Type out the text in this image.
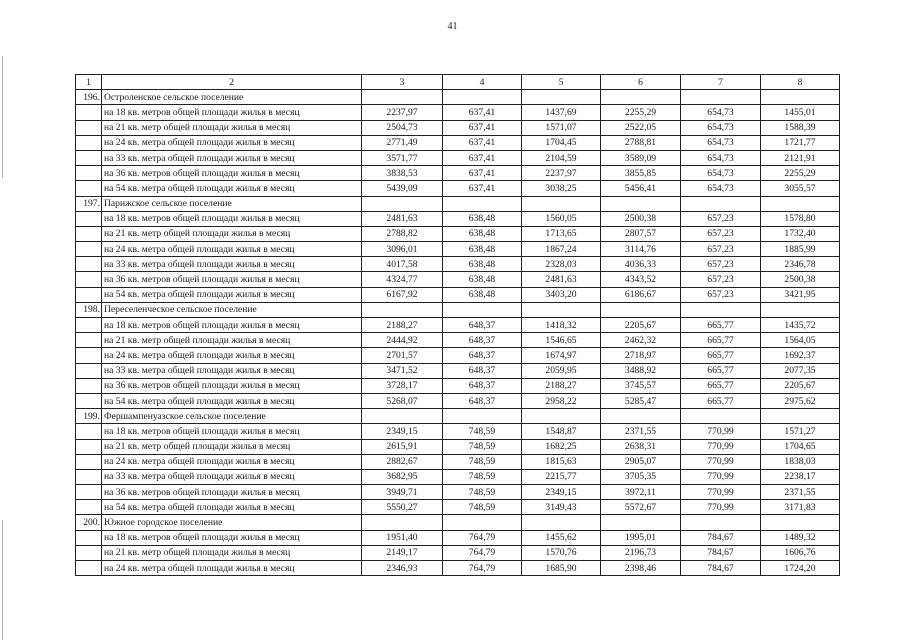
41
1	2	3	4	5	6	7	8
196.	Остроленское сельское поселение						
	на 18 кв. метров общей площади жилья в месяц	2237,97	637,41	1437,69	2255,29	654,73	1455,01
	на 21 кв. метр общей площади жилья в месяц	2504,73	637,41	1571,07	2522,05	654,73	1588,39
	на 24 кв. метра общей площади жилья в месяц	2771,49	637,41	1704,45	2788,81	654,73	1721,77
	на 33 кв. метра общей площади жилья в месяц	3571,77	637,41	2104,59	3589,09	654,73	2121,91
	на 36 кв. метров общей площади жилья в месяц	3838,53	637,41	2237,97	3855,85	654,73	2255,29
	на 54 кв. метра общей площади жилья в месяц	5439,09	637,41	3038,25	5456,41	654,73	3055,57
197.	Парижское сельское поселение						
	на 18 кв. метров общей площади жилья в месяц	2481,63	638,48	1560,05	2500,38	657,23	1578,80
	на 21 кв. метр общей площади жилья в месяц	2788,82	638,48	1713,65	2807,57	657,23	1732,40
	на 24 кв. метра общей площади жилья в месяц	3096,01	638,48	1867,24	3114,76	657,23	1885,99
	на 33 кв. метра общей площади жилья в месяц	4017,58	638,48	2328,03	4036,33	657,23	2346,78
	на 36 кв. метров общей площади жилья в месяц	4324,77	638,48	2481,63	4343,52	657,23	2500,38
	на 54 кв. метра общей площади жилья в месяц	6167,92	638,48	3403,20	6186,67	657,23	3421,95
198.	Переселенческое сельское поселение						
	на 18 кв. метров общей площади жилья в месяц	2188,27	648,37	1418,32	2205,67	665,77	1435,72
	на 21 кв. метр общей площади жилья в месяц	2444,92	648,37	1546,65	2462,32	665,77	1564,05
	на 24 кв. метра общей площади жилья в месяц	2701,57	648,37	1674,97	2718,97	665,77	1692,37
	на 33 кв. метра общей площади жилья в месяц	3471,52	648,37	2059,95	3488,92	665,77	2077,35
	на 36 кв. метров общей площади жилья в месяц	3728,17	648,37	2188,27	3745,57	665,77	2205,67
	на 54 кв. метра общей площади жилья в месяц	5268,07	648,37	2958,22	5285,47	665,77	2975,62
199.	Фершампенуазское сельское поселение						
	на 18 кв. метров общей площади жилья в месяц	2349,15	748,59	1548,87	2371,55	770,99	1571,27
	на 21 кв. метр общей площади жилья в месяц	2615,91	748,59	1682,25	2638,31	770,99	1704,65
	на 24 кв. метра общей площади жилья в месяц	2882,67	748,59	1815,63	2905,07	770,99	1838,03
	на 33 кв. метра общей площади жилья в месяц	3682,95	748,59	2215,77	3705,35	770,99	2238,17
	на 36 кв. метров общей площади жилья в месяц	3949,71	748,59	2349,15	3972,11	770,99	2371,55
	на 54 кв. метра общей площади жилья в месяц	5550,27	748,59	3149,43	5572,67	770,99	3171,83
200.	Южное городское поселение						
	на 18 кв. метров общей площади жилья в месяц	1951,40	764,79	1455,62	1995,01	784,67	1489,32
	на 21 кв. метр общей площади жилья в месяц	2149,17	764,79	1570,76	2196,73	784,67	1606,76
	на 24 кв. метра общей площади жилья в месяц	2346,93	764,79	1685,90	2398,46	784,67	1724,20
